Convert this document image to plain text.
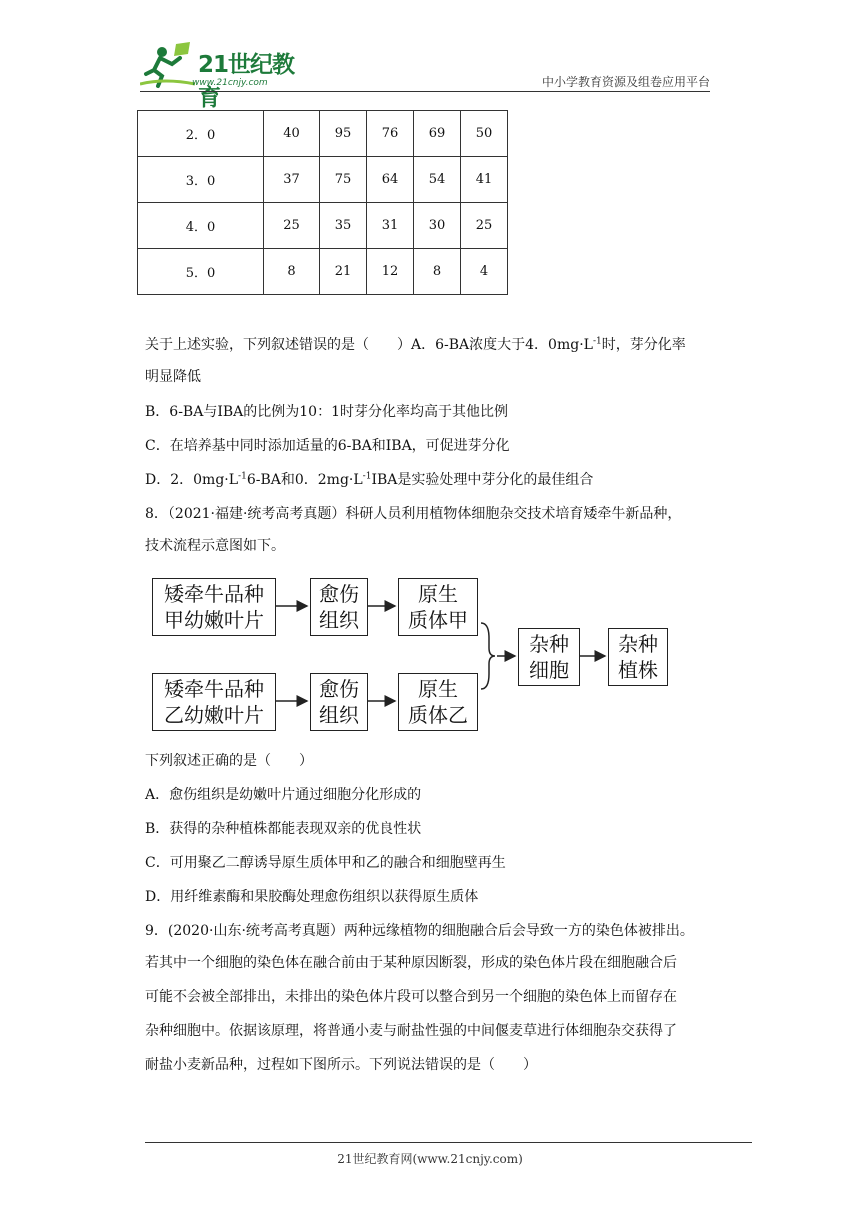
21世纪教育
www.21cnjy.com	中小学教育资源及组卷应用平台
2．0	40	95	76	69	50
3．0	37	75	64	54	41
4．0	25	35	31	30	25
5．0	8	21	12	8	4
关于上述实验，下列叙述错误的是（　　）A．6-BA浓度大于4．$0mg\cdot L^{-1}$时，芽分化率
明显降低
B．6-BA与IBA的比例为10：1时芽分化率均高于其他比例
C．在培养基中同时添加适量的6-BA和IBA，可促进芽分化
D．2．$0mg\cdot L^{-1}6-BA$和0．$2mg\cdot L^{-1}IBA$是实验处理中芽分化的最佳组合
8．（2021·福建·统考高考真题）科研人员利用植物体细胞杂交技术培育矮牵牛新品种，
技术流程示意图如下。
矮牵牛品种
甲幼嫩叶片
愈伤
组织
原生
质体甲
矮牵牛品种
乙幼嫩叶片
愈伤
组织
原生
质体乙
杂种
细胞
杂种
植株
下列叙述正确的是（　　）
A．愈伤组织是幼嫩叶片通过细胞分化形成的
B．获得的杂种植株都能表现双亲的优良性状
C．可用聚乙二醇诱导原生质体甲和乙的融合和细胞壁再生
D．用纤维素酶和果胶酶处理愈伤组织以获得原生质体
9．(2020·山东·统考高考真题）两种远缘植物的细胞融合后会导致一方的染色体被排出。
若其中一个细胞的染色体在融合前由于某种原因断裂，形成的染色体片段在细胞融合后
可能不会被全部排出，未排出的染色体片段可以整合到另一个细胞的染色体上而留存在
杂种细胞中。依据该原理，将普通小麦与耐盐性强的中间偃麦草进行体细胞杂交获得了
耐盐小麦新品种，过程如下图所示。下列说法错误的是（　　）
21世纪教育网(www.21cnjy.com)
